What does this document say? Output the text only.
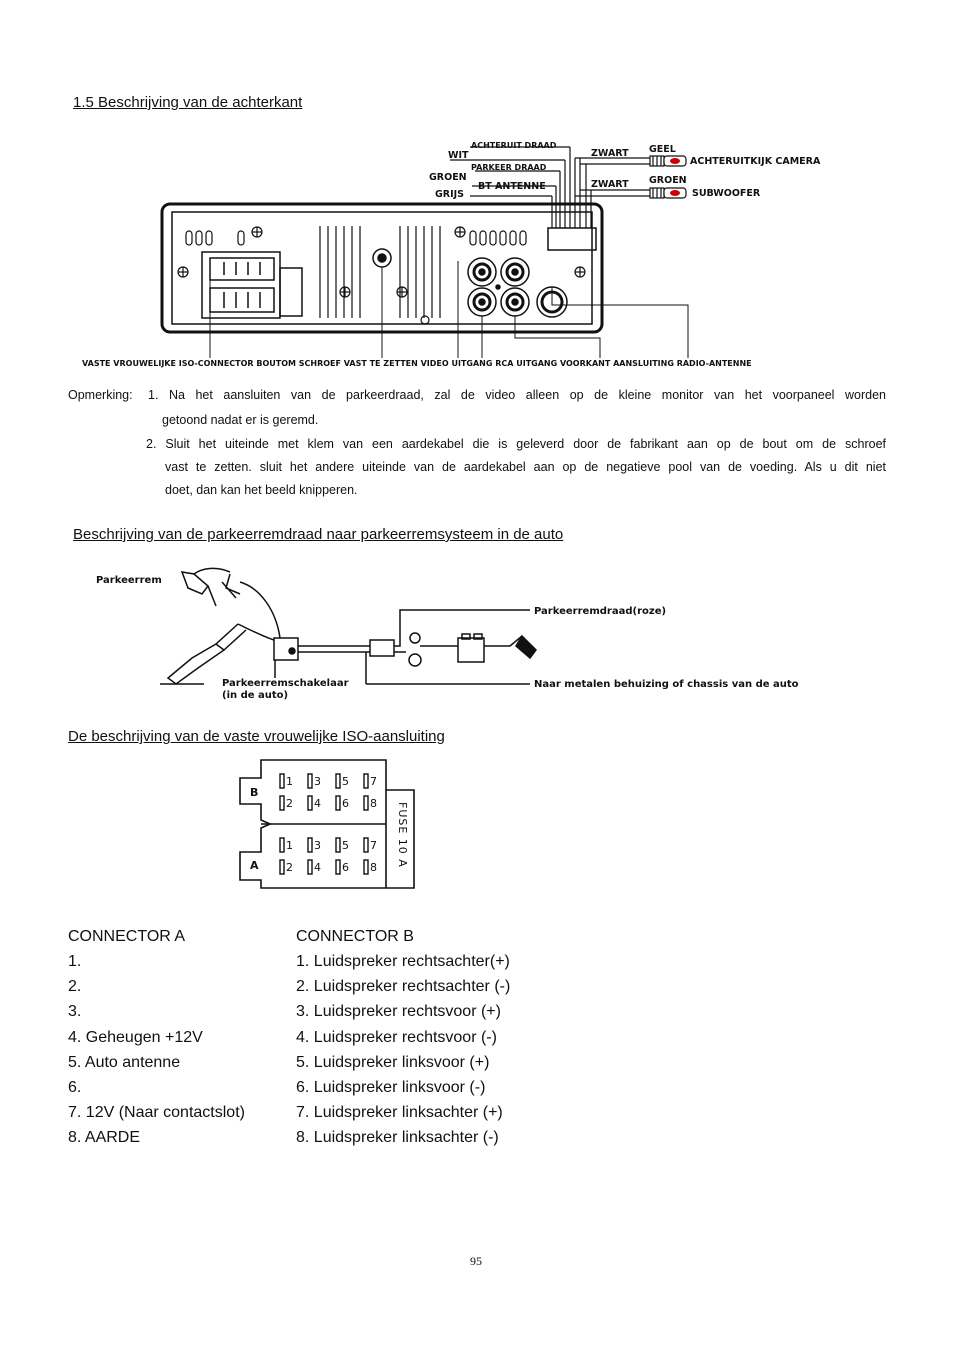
1.5 Beschrijving van de achterkant
ACHTERUIT DRAAD
WIT
PARKEER DRAAD
GROEN
BT ANTENNE
GRIJS
ZWART
ZWART
GEEL
GROEN
ACHTERUITKIJK CAMERA
SUBWOOFER
VASTE VROUWELIJKE ISO-CONNECTOR BOUTOM SCHROEF VAST TE ZETTEN VIDEO UITGANG RCA UITGANG VOORKANT AANSLUITING RADIO-ANTENNE
Opmerking: 1. Na het aansluiten van de parkeerdraad, zal de video alleen op de kleine monitor van het voorpaneel worden
getoond nadat er is geremd.
2. Sluit het uiteinde met klem van een aardekabel die is geleverd door de fabrikant aan op de bout om de schroef
vast te zetten. sluit het andere uiteinde van de aardekabel aan op de negatieve pool van de voeding. Als u dit niet
doet, dan kan het beeld knipperen.
Beschrijving van de parkeerremdraad naar parkeerremsysteem in de auto
Parkeerrem
Parkeerremdraad(roze)
Parkeerremschakelaar
(in de auto)
Naar metalen behuizing of chassis van de auto
De beschrijving van de vaste vrouwelijke ISO-aansluiting
B
A	FUSE 10 A
1 3 5 7
2 4 6 8
1 3 5 7
2 4 6 8
CONNECTOR A	CONNECTOR B
1.
2.
3.
4. Geheugen +12V
5. Auto antenne
6.
7. 12V (Naar contactslot)
8. AARDE
1. Luidspreker rechtsachter(+)
2. Luidspreker rechtsachter (-)
3. Luidspreker rechtsvoor (+)
4. Luidspreker rechtsvoor (-)
5. Luidspreker linksvoor (+)
6. Luidspreker linksvoor (-)
7. Luidspreker linksachter (+)
8. Luidspreker linksachter (-)
95
